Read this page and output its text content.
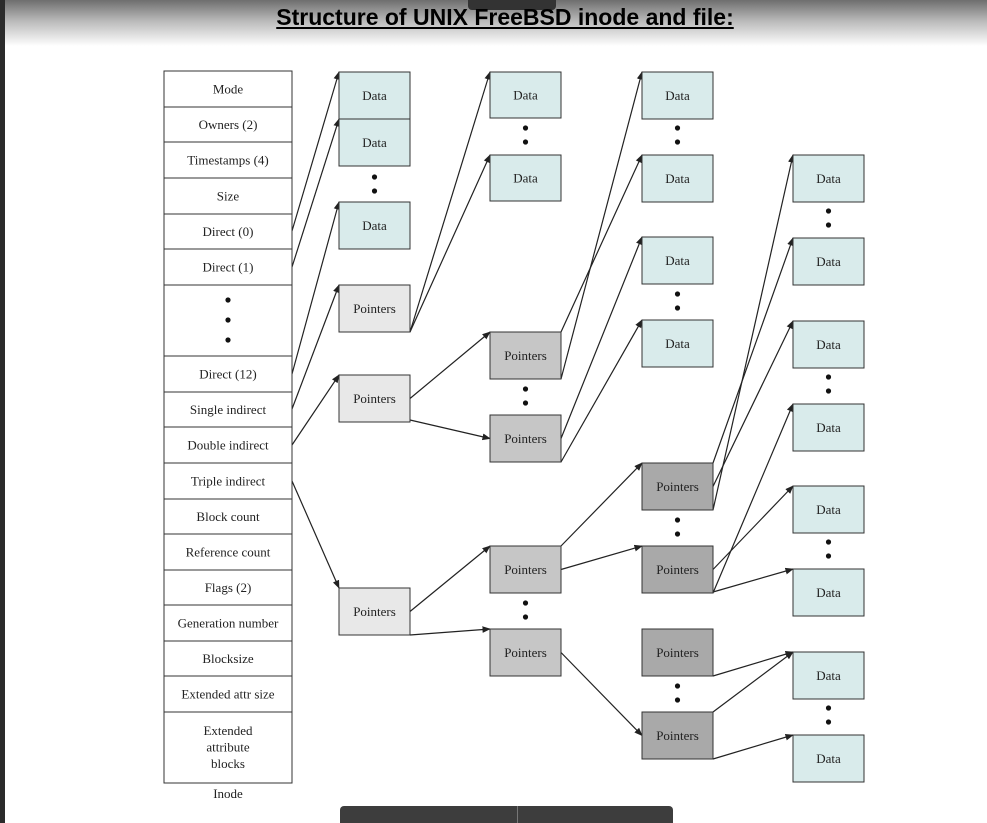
Structure of UNIX FreeBSD inode and file:
Data
Data
Data
Pointers
Pointers
Pointers
Data
Data
Pointers
Pointers
Pointers
Pointers
Data
Data
Data
Data
Pointers
Pointers
Pointers
Pointers
Data
Data
Data
Data
Data
Data
Data
Data
Mode
Owners (2)
Timestamps (4)
Size
Direct (0)
Direct (1)
Direct (12)
Single indirect
Double indirect
Triple indirect
Block count
Reference count
Flags (2)
Generation number
Blocksize
Extended attr size
Extended
attribute
blocks
Inode
